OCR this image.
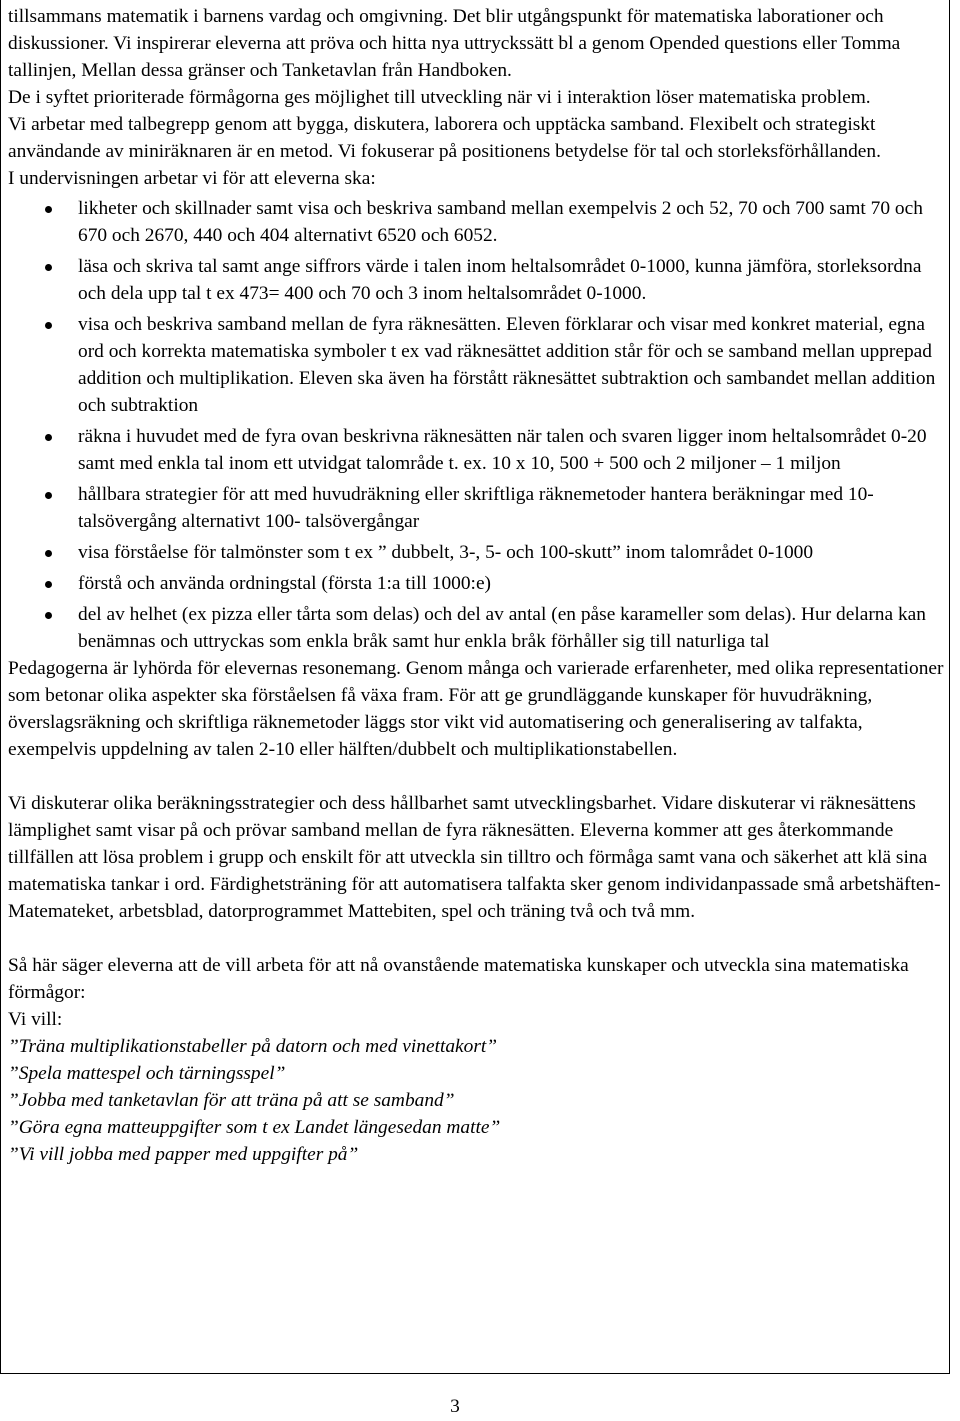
tillsammans matematik i barnens vardag och omgivning. Det blir utgångspunkt för matematiska laborationer och diskussioner. Vi inspirerar eleverna att pröva och hitta nya uttryckssätt bl a genom Opended questions eller Tomma tallinjen, Mellan dessa gränser och Tanketavlan från Handboken.

De i syftet prioriterade förmågorna ges möjlighet till utveckling när vi i interaktion löser matematiska problem.

Vi arbetar med talbegrepp genom att bygga, diskutera, laborera och upptäcka samband. Flexibelt och strategiskt användande av miniräknaren är en metod. Vi fokuserar på positionens betydelse för tal och storleksförhållanden.

I undervisningen arbetar vi för att eleverna ska:

likheter och skillnader samt visa och beskriva samband mellan exempelvis 2 och 52, 70 och 700 samt 70 och 670 och 2670, 440 och 404 alternativt 6520 och 6052.
läsa och skriva tal samt ange siffrors värde i talen inom heltalsområdet 0-1000, kunna jämföra, storleksordna och dela upp tal t ex 473= 400 och 70 och 3 inom heltalsområdet 0-1000.
visa och beskriva samband mellan de fyra räknesätten. Eleven förklarar och visar med konkret material, egna ord och korrekta matematiska symboler t ex vad räknesättet addition står för och se samband mellan upprepad addition och multiplikation. Eleven ska även ha förstått räknesättet subtraktion och sambandet mellan addition och subtraktion
räkna i huvudet med de fyra ovan beskrivna räknesätten när talen och svaren ligger inom heltalsområdet 0-20 samt med enkla tal inom ett utvidgat talområde t. ex. 10 x 10, 500 + 500 och 2 miljoner – 1 miljon
hållbara strategier för att med huvudräkning eller skriftliga räknemetoder hantera beräkningar med 10-talsövergång alternativt 100- talsövergångar
visa förståelse för talmönster som t ex ” dubbelt, 3-, 5- och 100-skutt” inom talområdet 0-1000
förstå och använda ordningstal (första 1:a till 1000:e)
del av helhet (ex pizza eller tårta som delas) och del av antal (en påse karameller som delas). Hur delarna kan benämnas och uttryckas som enkla bråk samt hur enkla bråk förhåller sig till naturliga tal

Pedagogerna är lyhörda för elevernas resonemang. Genom många och varierade erfarenheter, med olika representationer som betonar olika aspekter ska förståelsen få växa fram. För att ge grundläggande kunskaper för huvudräkning, överslagsräkning och skriftliga räknemetoder läggs stor vikt vid automatisering och generalisering av talfakta, exempelvis uppdelning av talen 2-10 eller hälften/dubbelt och multiplikationstabellen.

Vi diskuterar olika beräkningsstrategier och dess hållbarhet samt utvecklingsbarhet. Vidare diskuterar vi räknesättens lämplighet samt visar på och prövar samband mellan de fyra räknesätten. Eleverna kommer att ges återkommande tillfällen att lösa problem i grupp och enskilt för att utveckla sin tilltro och förmåga samt vana och säkerhet att klä sina matematiska tankar i ord. Färdighetsträning för att automatisera talfakta sker genom individanpassade små arbetshäften- Matemateket, arbetsblad, datorprogrammet Mattebiten, spel och träning två och två mm.

Så här säger eleverna att de vill arbeta för att nå ovanstående matematiska kunskaper och utveckla sina matematiska förmågor:

Vi vill:

”Träna multiplikationstabeller på datorn och med vinettakort”

”Spela mattespel och tärningsspel”

”Jobba med tanketavlan för att träna på att se samband”

”Göra egna matteuppgifter som t ex Landet längesedan matte”

”Vi vill jobba med papper med uppgifter på”

3
